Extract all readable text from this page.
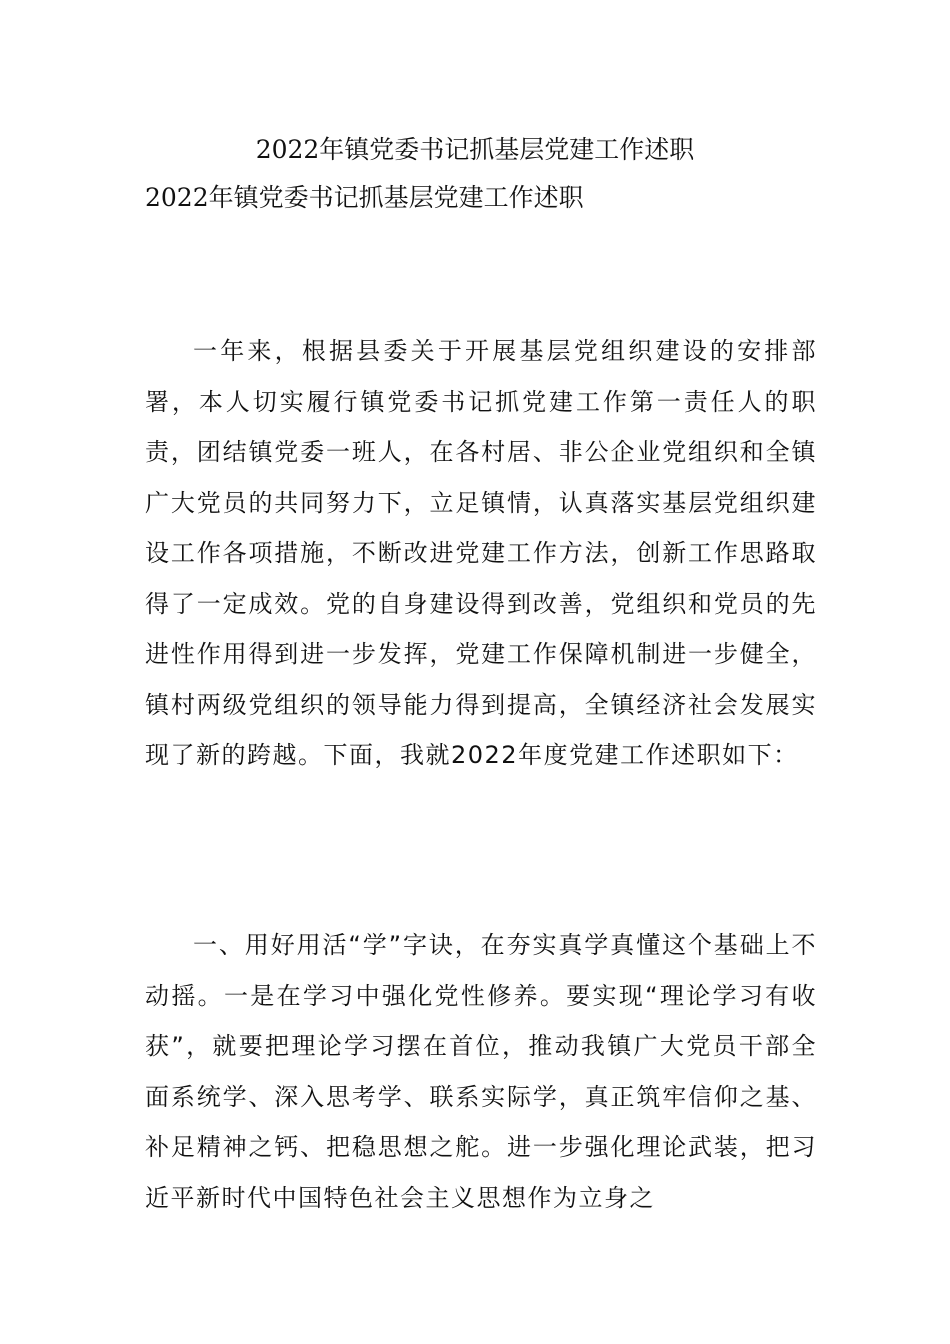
2022年镇党委书记抓基层党建工作述职
2022年镇党委书记抓基层党建工作述职

一年来，根据县委关于开展基层党组织建设的安排部署，本人切实履行镇党委书记抓党建工作第一责任人的职责，团结镇党委一班人，在各村居、非公企业党组织和全镇广大党员的共同努力下，立足镇情，认真落实基层党组织建设工作各项措施，不断改进党建工作方法，创新工作思路取得了一定成效。党的自身建设得到改善，党组织和党员的先进性作用得到进一步发挥，党建工作保障机制进一步健全，镇村两级党组织的领导能力得到提高，全镇经济社会发展实现了新的跨越。下面，我就2022年度党建工作述职如下：

一、用好用活“学”字诀，在夯实真学真懂这个基础上不动摇。一是在学习中强化党性修养。要实现“理论学习有收获”，就要把理论学习摆在首位，推动我镇广大党员干部全面系统学、深入思考学、联系实际学，真正筑牢信仰之基、补足精神之钙、把稳思想之舵。进一步强化理论武装，把习近平新时代中国特色社会主义思想作为立身之
